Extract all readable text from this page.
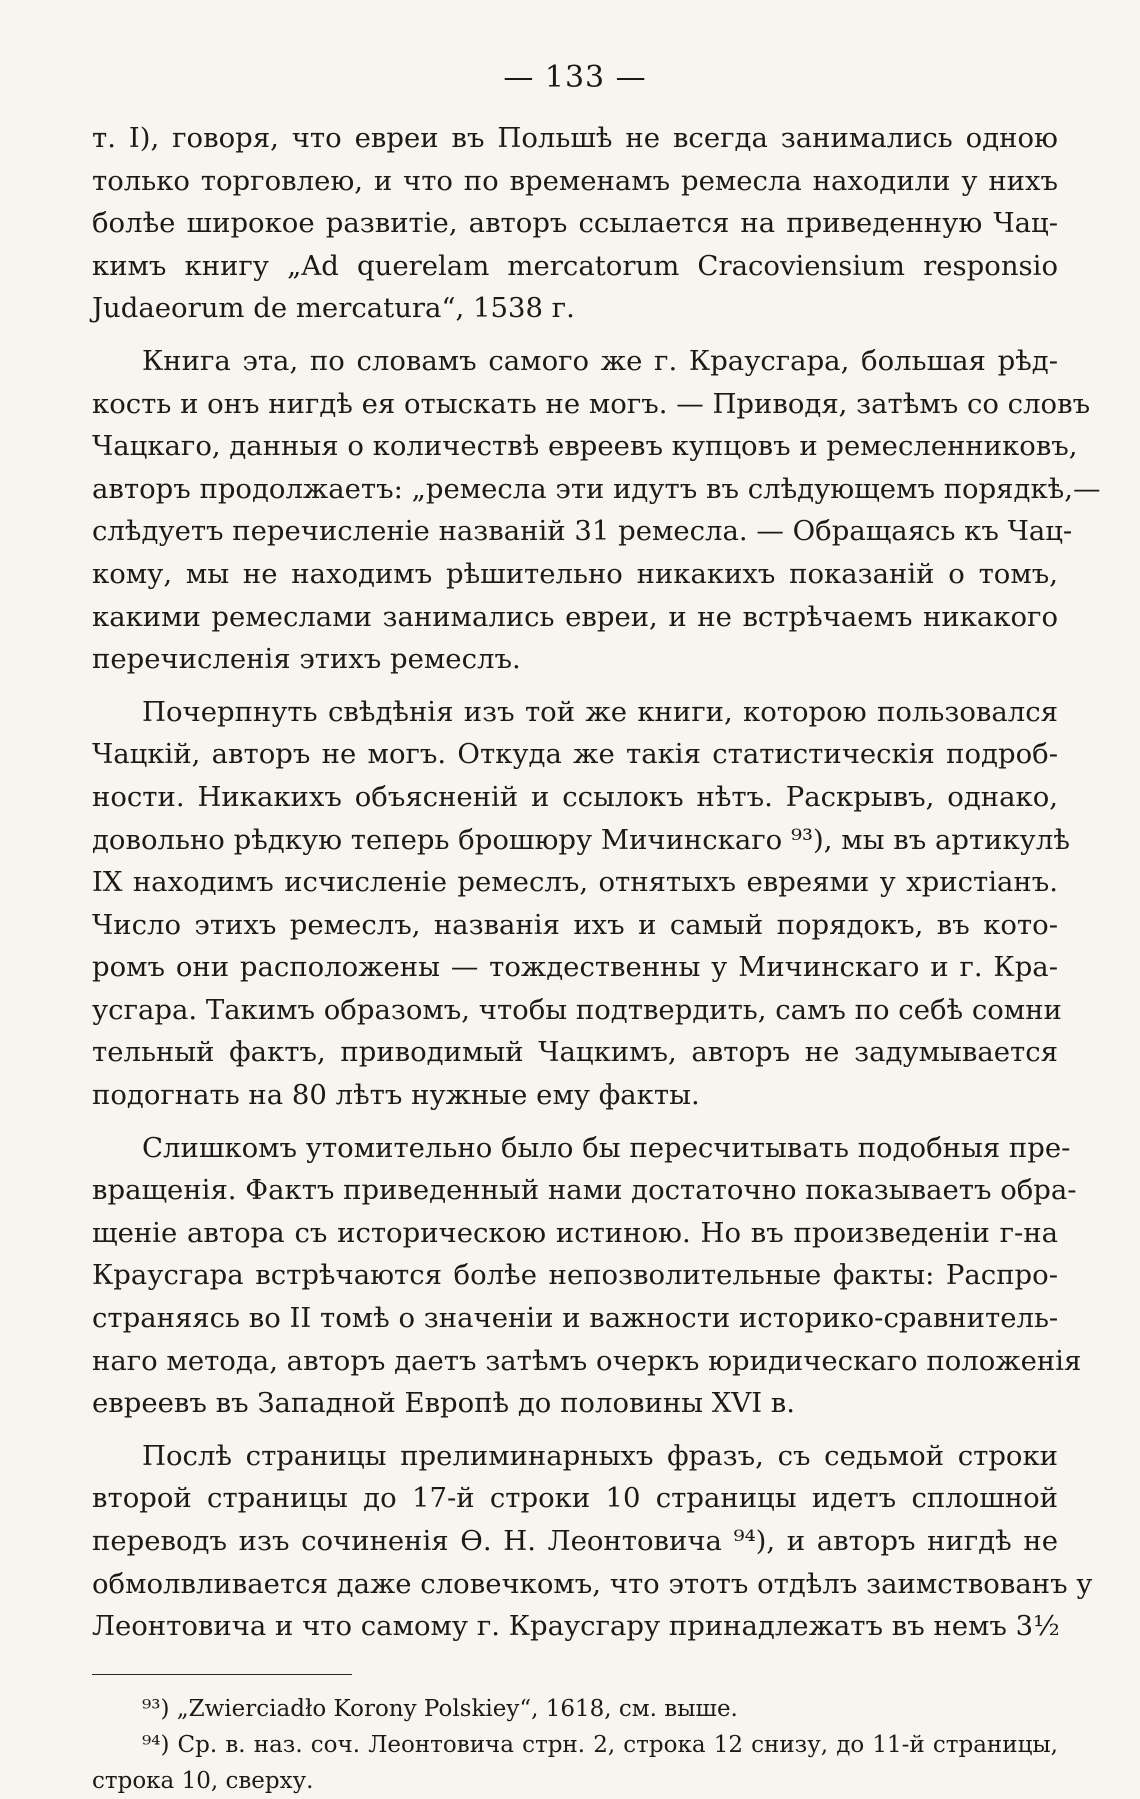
— 133 —
т. I), говоря, что евреи въ Польшѣ не всегда занимались одною
только торговлею, и что по временамъ ремесла находили у нихъ
болѣе широкое развитіе, авторъ ссылается на приведенную Чац-
кимъ книгу „Ad querelam mercatorum Cracoviensium responsio
Judaeorum de mercatura“, 1538 г.
Книга эта, по словамъ самого же г. Краусгара, большая рѣд-
кость и онъ нигдѣ ея отыскать не могъ. — Приводя, затѣмъ со словъ
Чацкаго, данныя о количествѣ евреевъ купцовъ и ремесленниковъ,
авторъ продолжаетъ: „ремесла эти идутъ въ слѣдующемъ порядкѣ,—
слѣдуетъ перечисленіе названій 31 ремесла. — Обращаясь къ Чац-
кому, мы не находимъ рѣшительно никакихъ показаній о томъ,
какими ремеслами занимались евреи, и не встрѣчаемъ никакого
перечисленія этихъ ремеслъ.
Почерпнуть свѣдѣнія изъ той же книги, которою пользовался
Чацкій, авторъ не могъ. Откуда же такія статистическія подроб-
ности. Никакихъ объясненій и ссылокъ нѣтъ. Раскрывъ, однако,
довольно рѣдкую теперь брошюру Мичинскаго ⁹³), мы въ артикулѣ
IX находимъ исчисленіе ремеслъ, отнятыхъ евреями у христіанъ.
Число этихъ ремеслъ, названія ихъ и самый порядокъ, въ кото-
ромъ они расположены — тождественны у Мичинскаго и г. Кра-
усгара. Такимъ образомъ, чтобы подтвердить, самъ по себѣ сомни
тельный фактъ, приводимый Чацкимъ, авторъ не задумывается
подогнать на 80 лѣтъ нужные ему факты.
Слишкомъ утомительно было бы пересчитывать подобныя пре-
вращенія. Фактъ приведенный нами достаточно показываетъ обра-
щеніе автора съ историческою истиною. Но въ произведеніи г-на
Краусгара встрѣчаются болѣе непозволительные факты: Распро-
страняясь во II томѣ о значеніи и важности историко-сравнитель-
наго метода, авторъ даетъ затѣмъ очеркъ юридическаго положенія
евреевъ въ Западной Европѣ до половины XVI в.
Послѣ страницы прелиминарныхъ фразъ, съ седьмой строки
второй страницы до 17-й строки 10 страницы идетъ сплошной
переводъ изъ сочиненія Ѳ. Н. Леонтовича ⁹⁴), и авторъ нигдѣ не
обмолвливается даже словечкомъ, что этотъ отдѣлъ заимствованъ у
Леонтовича и что самому г. Краусгару принадлежатъ въ немъ 3½
⁹³) „Zwierciadło Korony Polskiey“, 1618, см. выше.
⁹⁴) Ср. в. наз. соч. Леонтовича стрн. 2, строка 12 снизу, до 11-й страницы,
строка 10, сверху.
